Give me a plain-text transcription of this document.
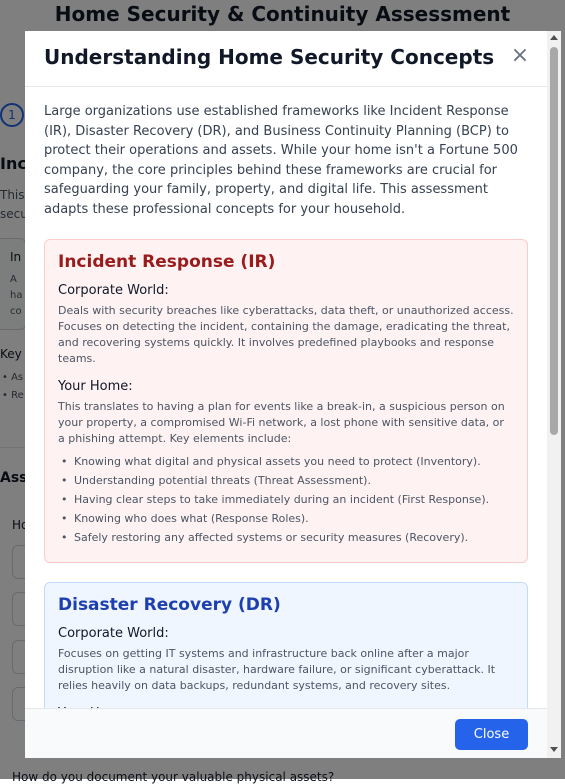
Understanding Home Security Concepts ×

Large organizations use established frameworks like Incident Response (IR), Disaster Recovery (DR), and Business Continuity Planning (BCP) to protect their operations and assets. While your home isn't a Fortune 500 company, the core principles behind these frameworks are crucial for safeguarding your family, property, and digital life. This assessment adapts these professional concepts for your household.

Incident Response (IR)
Corporate World:
Deals with security breaches like cyberattacks, data theft, or unauthorized access. Focuses on detecting the incident, containing the damage, eradicating the threat, and recovering systems quickly. It involves predefined playbooks and response teams.
Your Home:
This translates to having a plan for events like a break-in, a suspicious person on your property, a compromised Wi-Fi network, a lost phone with sensitive data, or a phishing attempt. Key elements include:
• Knowing what digital and physical assets you need to protect (Inventory).
• Understanding potential threats (Threat Assessment).
• Having clear steps to take immediately during an incident (First Response).
• Knowing who does what (Response Roles).
• Safely restoring any affected systems or security measures (Recovery).
Disaster Recovery (DR)
Corporate World:
Focuses on getting IT systems and infrastructure back online after a major disruption like a natural disaster, hardware failure, or significant cyberattack. It relies heavily on data backups, redundant systems, and recovery sites.
Close
